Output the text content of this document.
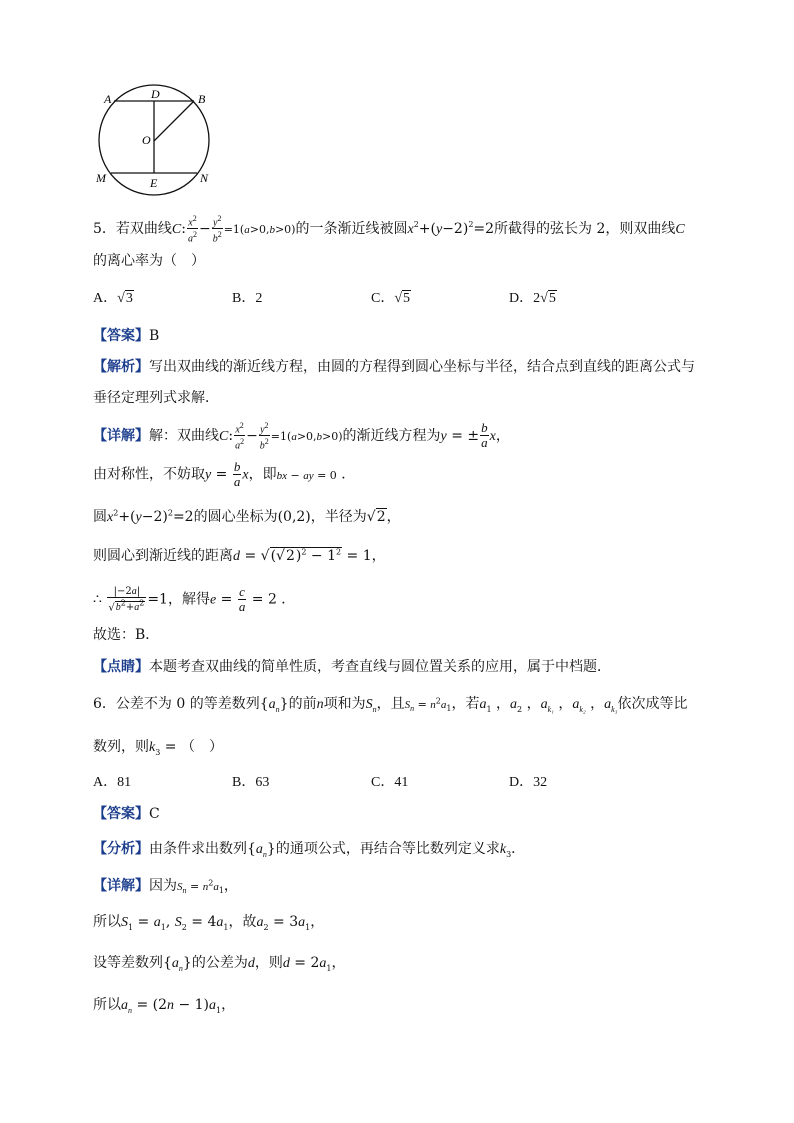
A	D	B
O
M	E	N
5．若双曲线C: $\frac{x^2}{a^2} - \frac{y^2}{b^2} =1(a>0,b>0)$的一条渐近线被圆$x^2+(y-2)^2=2$所截得的弦长为 2，则双曲线C
的离心率为（　）
A．√3	B．2	C．√5	D．2√5
【答案】B
【解析】写出双曲线的渐近线方程，由圆的方程得到圆心坐标与半径，结合点到直线的距离公式与
垂径定理列式求解．
【详解】解：双曲线C: $\frac{x^2}{a^2} - \frac{y^2}{b^2} =1(a>0,b>0)$的渐近线方程为y = ± $\frac{b}{a}$ x，
由对称性，不妨取$y = \frac{b}{a}$ x，即bx − ay = 0 ．
圆$x^2+(y-2)^2=2$的圆心坐标为(0,2)，半径为√2，
则圆心到渐近线的距离$d = √(√2)^2 - 1^2 = 1$，
∴ $\frac{|-2a|}{√b^2+a^2} =1$，解得$e = \frac{c}{a} = 2$ ．
故选：B．
【点睛】本题考查双曲线的简单性质，考查直线与圆位置关系的应用，属于中档题．
6．公差不为 0 的等差数列$\{a_n\}$的前n项和为$S_n$，且$S_n = n^2a_1$，若$a_1$ ，$a_2$ ，$a_{k_1}$ ，$a_{k_2}$ ，$a_{k_3}$依次成等比
数列，则$k_3$ = （　）
A．81	B．63	C．41	D．32
【答案】C
【分析】由条件求出数列$\{a_n\}$的通项公式，再结合等比数列定义求$k_3$．
【详解】因为$S_n = n^2a_1$，
所以$S_1 = a_1$, $S_2 = 4a_1$，故$a_2 = 3a_1$，
设等差数列$\{a_n\}$的公差为d，则$d = 2a_1$，
所以$a_n = (2n - 1)a_1$，
